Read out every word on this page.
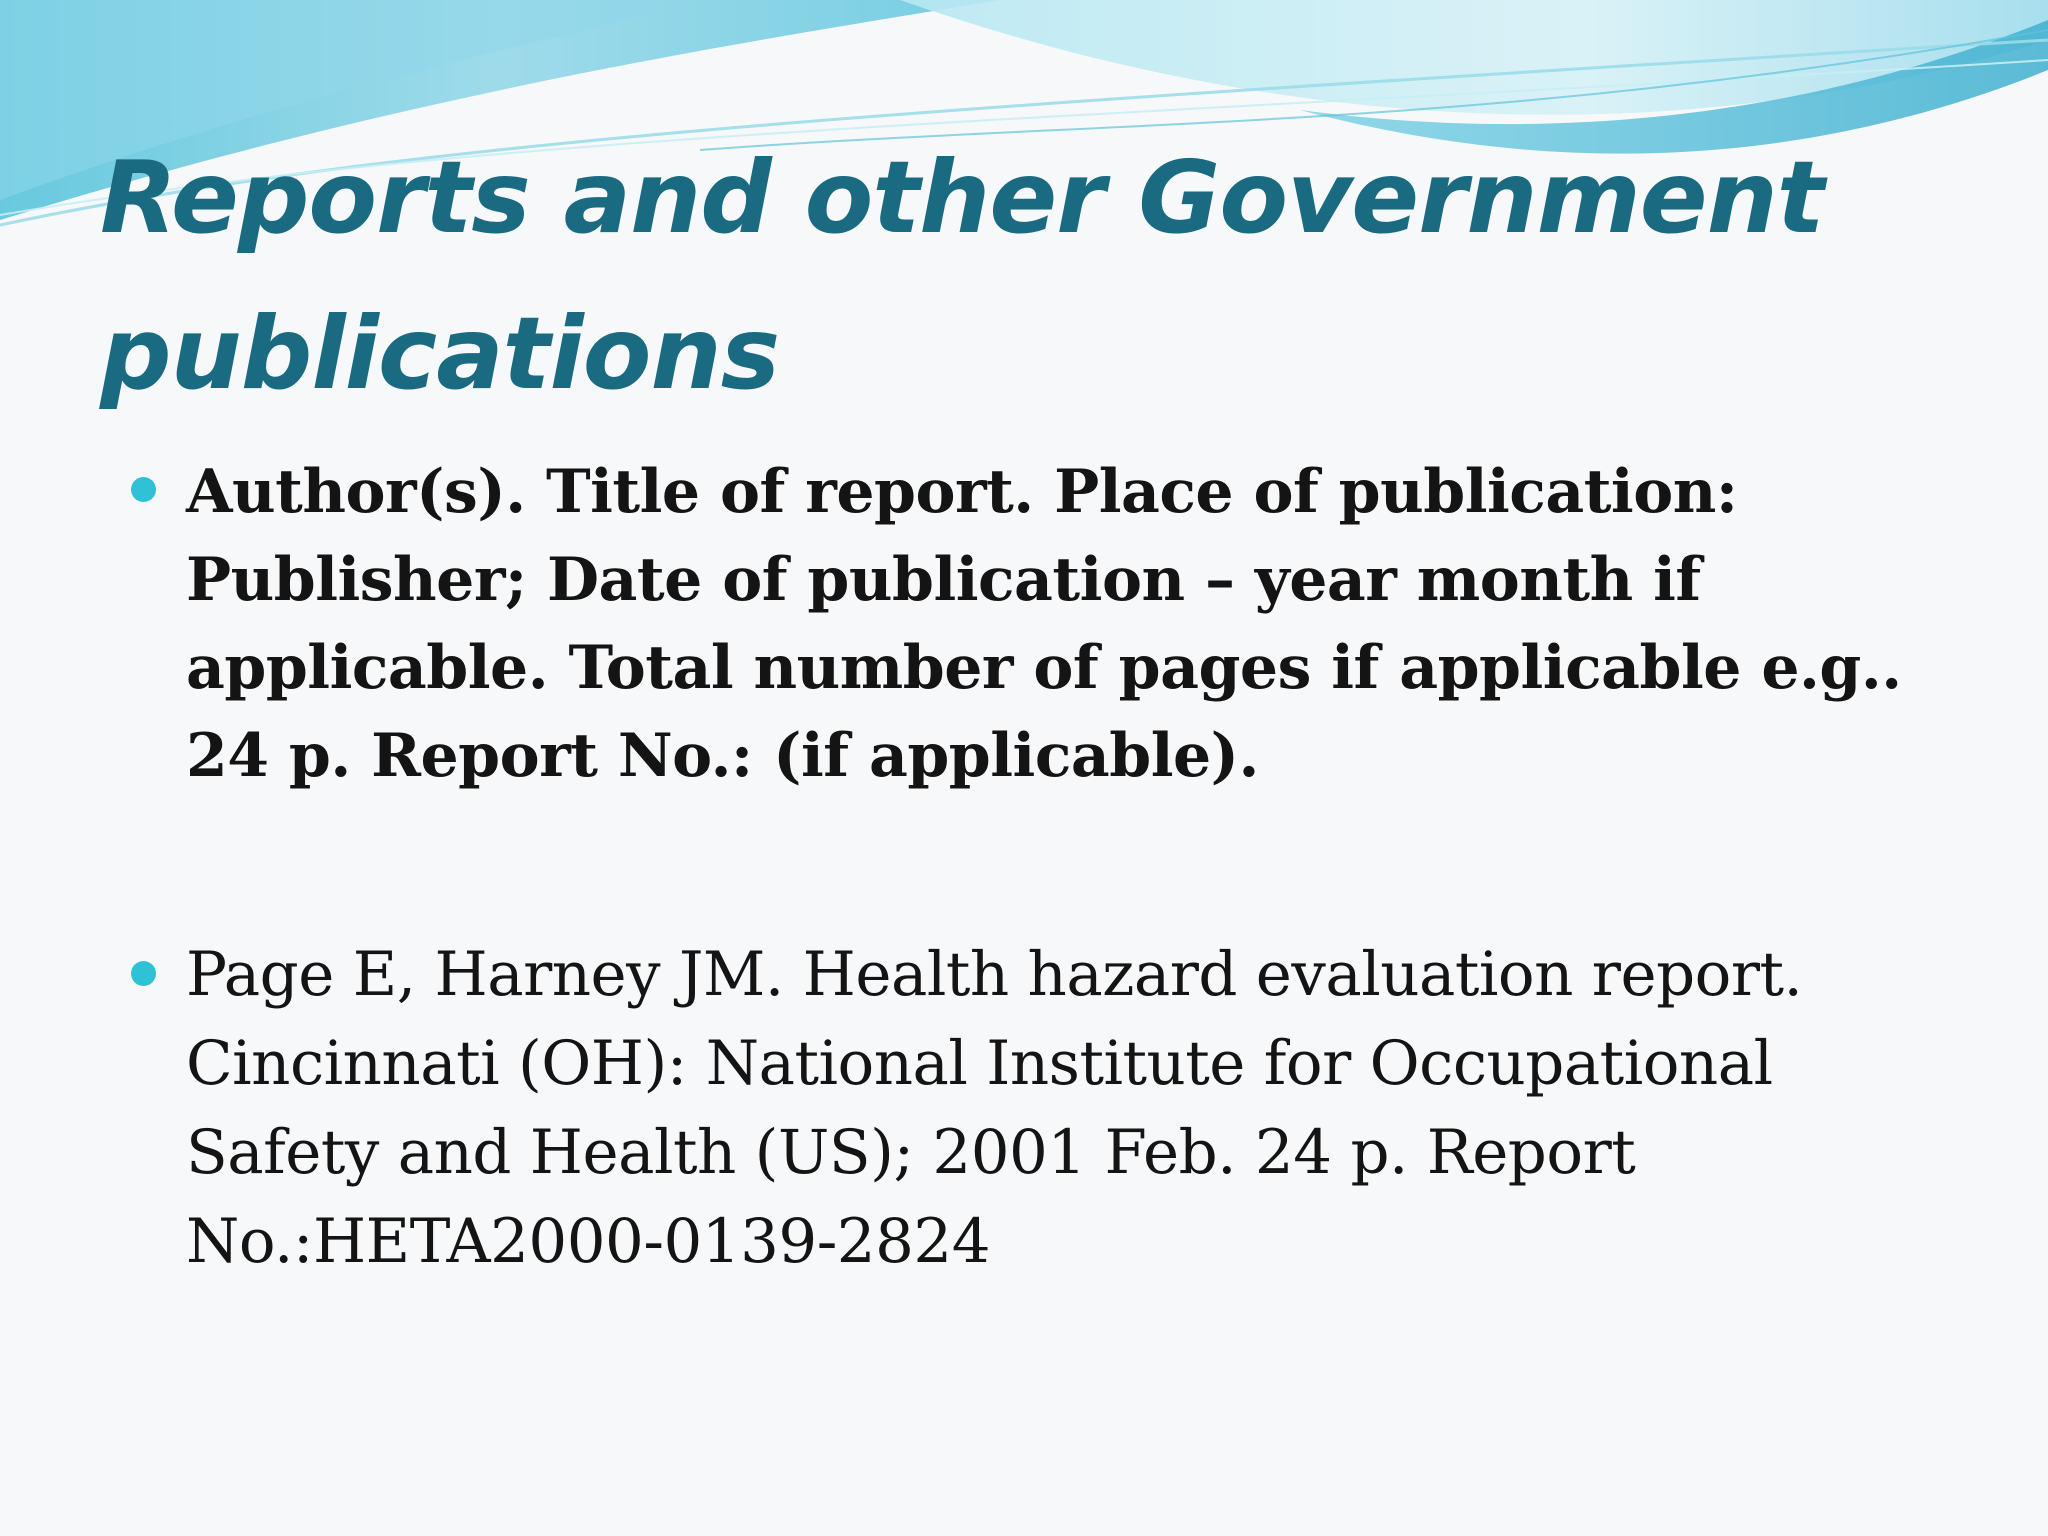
Reports and other Government publications
Author(s). Title of report. Place of publication: Publisher; Date of publication – year month if applicable. Total number of pages if applicable e.g.. 24 p. Report No.: (if applicable).
Page E, Harney JM. Health hazard evaluation report. Cincinnati (OH): National Institute for Occupational Safety and Health (US); 2001 Feb. 24 p. Report No.:HETA2000-0139-2824
